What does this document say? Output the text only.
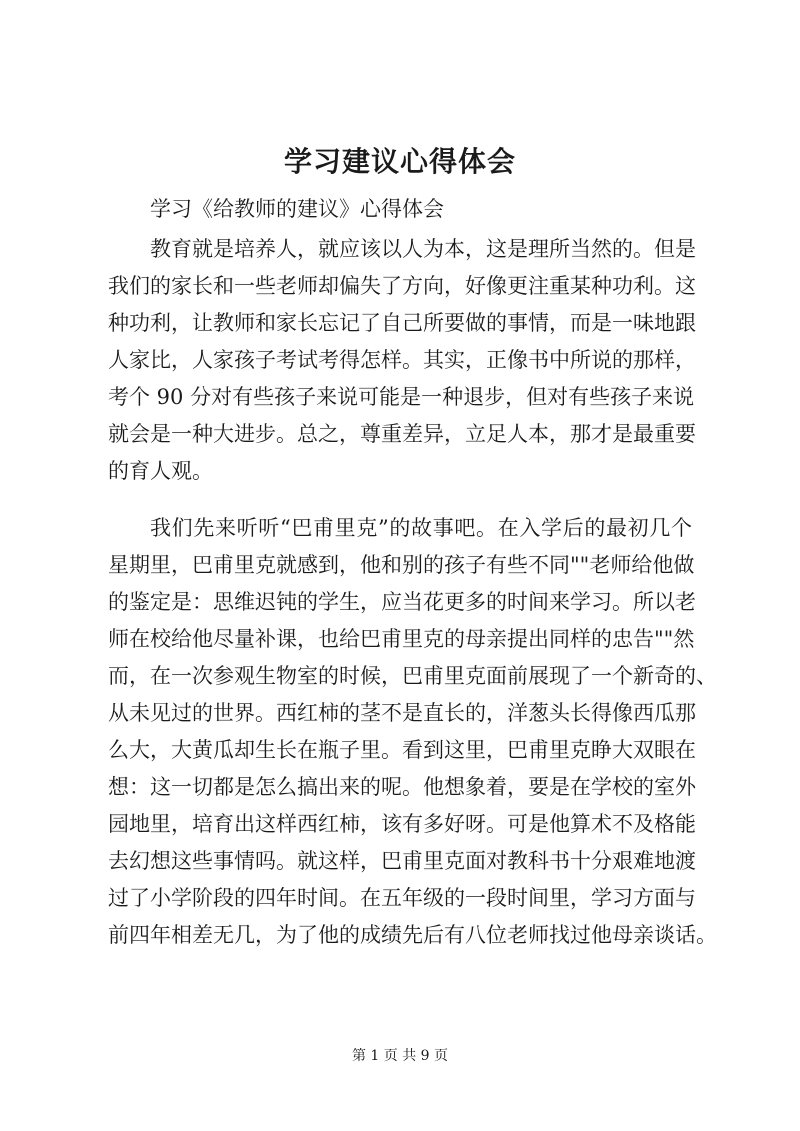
学习建议心得体会

学习《给教师的建议》心得体会

教育就是培养人，就应该以人为本，这是理所当然的。但是

我们的家长和一些老师却偏失了方向，好像更注重某种功利。这

种功利，让教师和家长忘记了自己所要做的事情，而是一味地跟

人家比，人家孩子考试考得怎样。其实，正像书中所说的那样，

考个 90 分对有些孩子来说可能是一种退步，但对有些孩子来说

就会是一种大进步。总之，尊重差异，立足人本，那才是最重要

的育人观。

我们先来听听“巴甫里克”的故事吧。在入学后的最初几个

星期里，巴甫里克就感到，他和别的孩子有些不同""老师给他做

的鉴定是：思维迟钝的学生，应当花更多的时间来学习。所以老

师在校给他尽量补课，也给巴甫里克的母亲提出同样的忠告""然

而，在一次参观生物室的时候，巴甫里克面前展现了一个新奇的、

从未见过的世界。西红柿的茎不是直长的，洋葱头长得像西瓜那

么大，大黄瓜却生长在瓶子里。看到这里，巴甫里克睁大双眼在

想：这一切都是怎么搞出来的呢。他想象着，要是在学校的室外

园地里，培育出这样西红柿，该有多好呀。可是他算术不及格能

去幻想这些事情吗。就这样，巴甫里克面对教科书十分艰难地渡

过了小学阶段的四年时间。在五年级的一段时间里，学习方面与

前四年相差无几，为了他的成绩先后有八位老师找过他母亲谈话。

第 1 页 共 9 页
